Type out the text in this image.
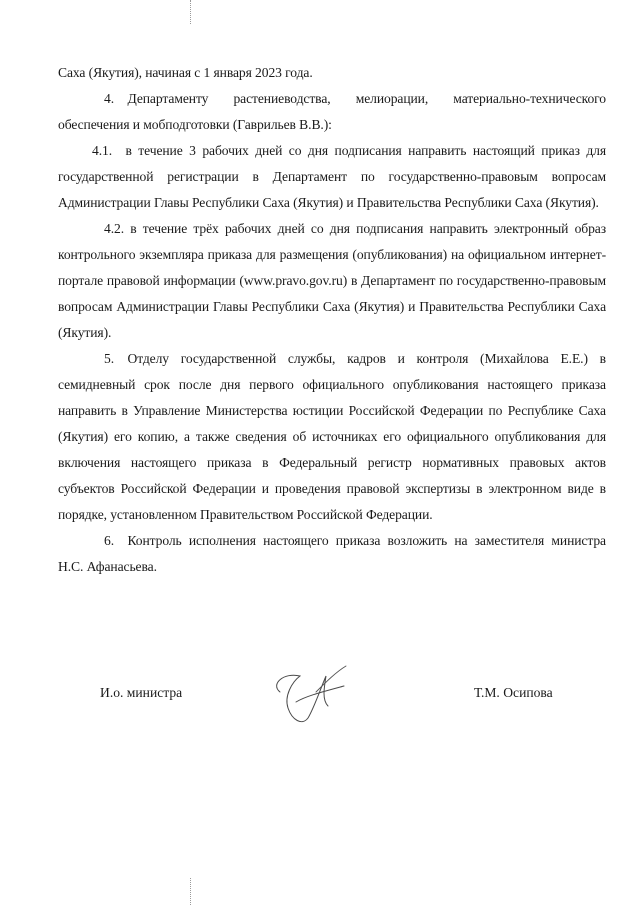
Саха (Якутия), начиная с 1 января 2023 года.

4. Департаменту растениеводства, мелиорации, материально-технического обеспечения и мобподготовки (Гаврильев В.В.):

4.1. в течение 3 рабочих дней со дня подписания направить настоящий приказ для государственной регистрации в Департамент по государственно-правовым вопросам Администрации Главы Республики Саха (Якутия) и Правительства Республики Саха (Якутия).

4.2. в течение трёх рабочих дней со дня подписания направить электронный образ контрольного экземпляра приказа для размещения (опубликования) на официальном интернет-портале правовой информации (www.pravo.gov.ru) в Департамент по государственно-правовым вопросам Администрации Главы Республики Саха (Якутия) и Правительства Республики Саха (Якутия).

5. Отделу государственной службы, кадров и контроля (Михайлова Е.Е.) в семидневный срок после дня первого официального опубликования настоящего приказа направить в Управление Министерства юстиции Российской Федерации по Республике Саха (Якутия) его копию, а также сведения об источниках его официального опубликования для включения настоящего приказа в Федеральный регистр нормативных правовых актов субъектов Российской Федерации и проведения правовой экспертизы в электронном виде в порядке, установленном Правительством Российской Федерации.

6. Контроль исполнения настоящего приказа возложить на заместителя министра Н.С. Афанасьева.

И.о. министра	Т.М. Осипова
